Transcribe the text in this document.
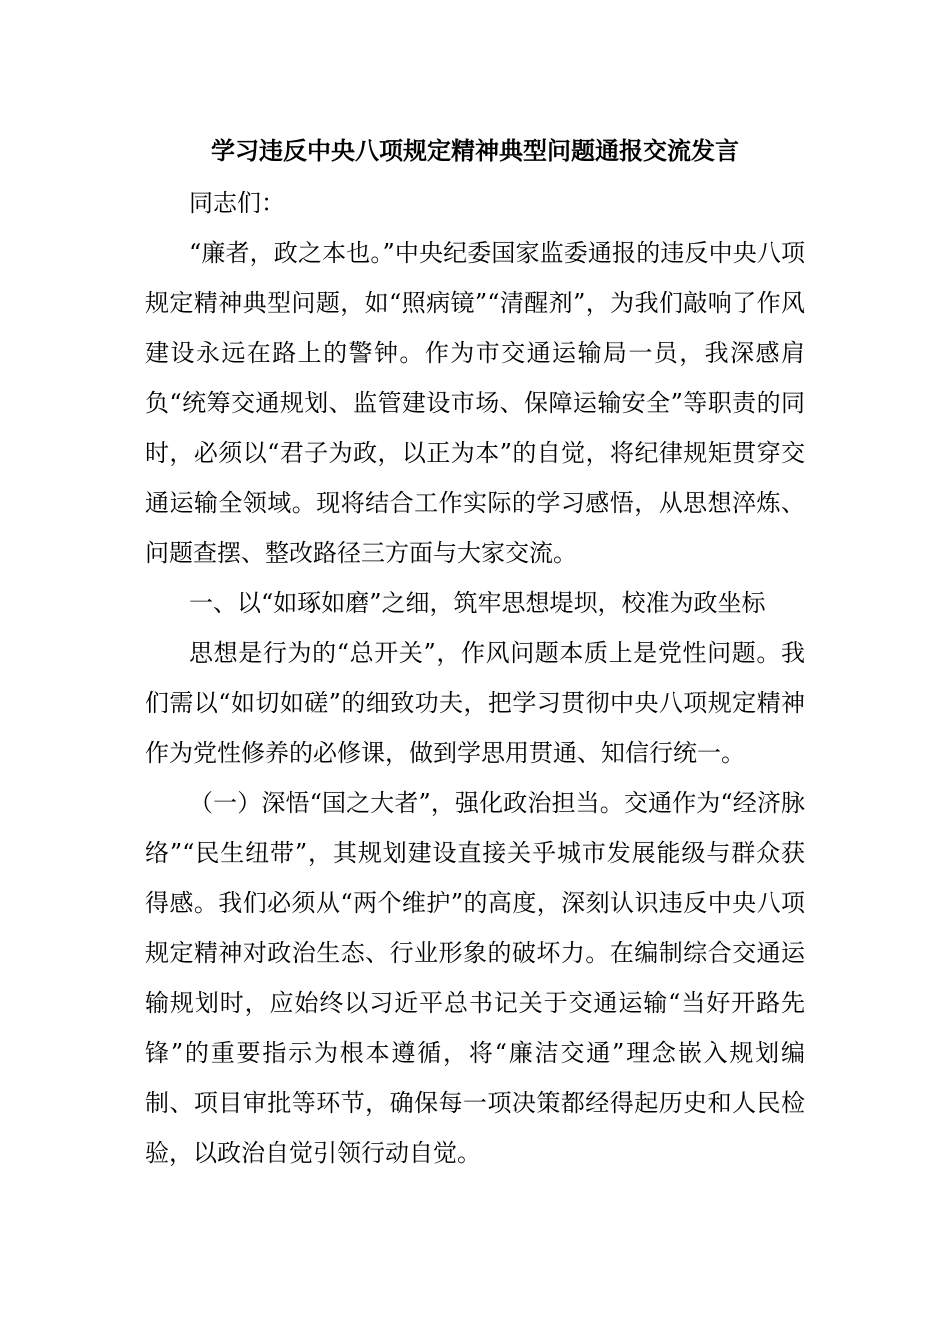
学习违反中央八项规定精神典型问题通报交流发言

同志们：

“廉者，政之本也。”中央纪委国家监委通报的违反中央八项规定精神典型问题，如“照病镜”“清醒剂”，为我们敲响了作风建设永远在路上的警钟。作为市交通运输局一员，我深感肩负“统筹交通规划、监管建设市场、保障运输安全”等职责的同时，必须以“君子为政，以正为本”的自觉，将纪律规矩贯穿交通运输全领域。现将结合工作实际的学习感悟，从思想淬炼、问题查摆、整改路径三方面与大家交流。

一、以“如琢如磨”之细，筑牢思想堤坝，校准为政坐标

思想是行为的“总开关”，作风问题本质上是党性问题。我们需以“如切如磋”的细致功夫，把学习贯彻中央八项规定精神作为党性修养的必修课，做到学思用贯通、知信行统一。

（一）深悟“国之大者”，强化政治担当。交通作为“经济脉络”“民生纽带”，其规划建设直接关乎城市发展能级与群众获得感。我们必须从“两个维护”的高度，深刻认识违反中央八项规定精神对政治生态、行业形象的破坏力。在编制综合交通运输规划时，应始终以习近平总书记关于交通运输“当好开路先锋”的重要指示为根本遵循，将“廉洁交通”理念嵌入规划编制、项目审批等环节，确保每一项决策都经得起历史和人民检验，以政治自觉引领行动自觉。
